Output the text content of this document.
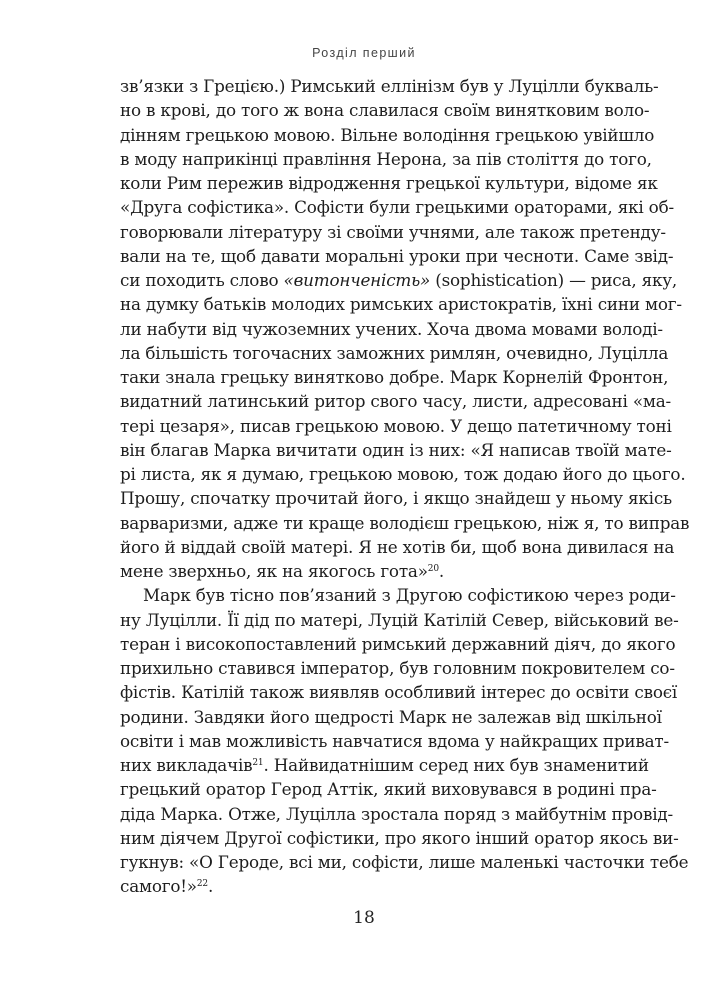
Розділ перший
зв’язки з Грецією.) Римський еллінізм був у Луцілли букваль-
но в крові, до того ж вона славилася своїм винятковим воло-
дінням грецькою мовою. Вільне володіння грецькою увійшло
в моду наприкінці правління Нерона, за пів століття до того,
коли Рим пережив відродження грецької культури, відоме як
«Друга софістика». Софісти були грецькими ораторами, які об-
говорювали літературу зі своїми учнями, але також претенду-
вали на те, щоб давати моральні уроки при чесноти. Саме звід-
си походить слово «витонченість» (sophistication) — риса, яку,
на думку батьків молодих римських аристократів, їхні сини мог-
ли набути від чужоземних учених. Хоча двома мовами володі-
ла більшість тогочасних заможних римлян, очевидно, Луцілла
таки знала грецьку винятково добре. Марк Корнелій Фронтон,
видатний латинський ритор свого часу, листи, адресовані «ма-
тері цезаря», писав грецькою мовою. У дещо патетичному тоні
він благав Марка вичитати один із них: «Я написав твоїй мате-
рі листа, як я думаю, грецькою мовою, тож додаю його до цього.
Прошу, спочатку прочитай його, і якщо знайдеш у ньому якісь
варваризми, адже ти краще володієш грецькою, ніж я, то виправ
його й віддай своїй матері. Я не хотів би, щоб вона дивилася на
мене зверхньо, як на якогось гота»$^{20}$.
Марк був тісно пов’язаний з Другою софістикою через роди-
ну Луцілли. Її дід по матері, Луцій Катілій Север, військовий ве-
теран і високопоставлений римський державний діяч, до якого
прихильно ставився імператор, був головним покровителем со-
фістів. Катілій також виявляв особливий інтерес до освіти своєї
родини. Завдяки його щедрості Марк не залежав від шкільної
освіти і мав можливість навчатися вдома у найкращих приват-
них викладачів$^{21}$. Найвидатнішим серед них був знаменитий
грецький оратор Герод Аттік, який виховувався в родині пра-
діда Марка. Отже, Луцілла зростала поряд з майбутнім провід-
ним діячем Другої софістики, про якого інший оратор якось ви-
гукнув: «О Героде, всі ми, софісти, лише маленькі часточки тебе
самого!»$^{22}$.
18
